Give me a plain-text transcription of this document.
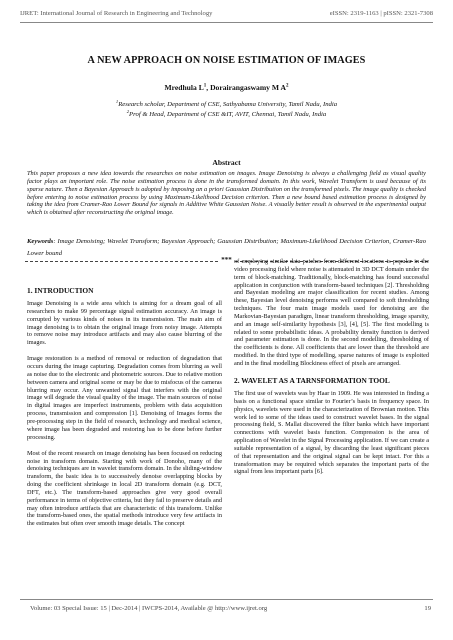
IJRET: International Journal of Research in Engineering and Technology	eISSN: 2319-1163 | pISSN: 2321-7308
A NEW APPROACH ON NOISE ESTIMATION OF IMAGES
Mredhula $L^1$, Dorairangaswamy M $A^2$
$^1$Research scholar, Department of CSE, Sathyabama University, Tamil Nadu, India
$^2$Prof & Head, Department of CSE &IT, AVIT, Chennai, Tamil Nadu, India
Abstract
This paper proposes a new idea towards the researches on noise estimation on images. Image Denoising is always a challenging field as visual quality factor plays an important role. The noise estimation process is done in the transformed domain. In this work, Wavelet Transform is used because of its sparse nature. Then a Bayesian Approach is adopted by imposing an a priori Gaussian Distribution on the transformed pixels. The image quality is checked before entering to noise estimation process by using Maximum-Likelihood Decision criterion. Then a new bound based estimation process is designed by taking the idea from Cramer-Rao Lower Bound for signals in Additive White Gaussian Noise. A visually better result is observed in the experimental output which is obtained after reconstructing the original image.
Keywords: Image Denoising; Wavelet Transform; Bayesian Approach; Gaussian Distribution; Maximum-Likelihood Decision Criterion, Cramer-Rao Lower bound
***
1. INTRODUCTION

Image Denoising is a wide area which is aiming for a dream goal of all researchers to make 99 percentage signal estimation accuracy. An image is corrupted by various kinds of noises in its transmission. The main aim of image denoising is to obtain the original image from noisy image. Attempts to remove noise may introduce artifacts and may also cause blurring of the images.

Image restoration is a method of removal or reduction of degradation that occurs during the image capturing. Degradation comes from blurring as well as noise due to the electronic and photometric sources. Due to relative motion between camera and original scene or may be due to misfocus of the cameras blurring may occur. Any unwanted signal that interfers with the original image will degrade the visual quality of the image. The main sources of noise in digital images are imperfect instruments, problem with data acquisition process, transmission and compression [1]. Denoising of Images forms the pre-processing step in the field of research, technology and medical science, where image has been degraded and restoring has to be done before further processing.

Most of the recent research on image denoising has been focused on reducing noise in transform domain. Starting with work of Donoho, many of the denoising techniques are in wavelet transform domain. In the sliding-window transform, the basic idea is to successively denoise overlapping blocks by doing the coefficient shrinkage in local 2D transform domain (e.g. DCT, DFT, etc.). The transform-based approaches give very good overall performance in terms of objective criteria, but they fail to preserve details and may often introduce artifacts that are characteristic of this transform. Unlike the transform-based ones, the spatial methods introduce very few artifacts in the estimates but often over smooth image details. The concept

of employing similar data patches from different locations is popular in the video processing field where noise is attenuated in 3D DCT domain under the term of block-matching. Traditionally, block-matching has found successful application in conjunction with transform-based techniques [2]. Thresholding and Bayesian modeling are major classification for recent studies. Among these, Bayesian level denoising performs well compared to soft thresholding techniques. The four main image models used for denoising are the Markovian-Bayesian paradigm, linear transform thresholding, image sparsity, and an image self-similarity hypothesis [3], [4], [5]. The first modelling is related to some probabilistic ideas. A probability density function is derived and parameter estimation is done. In the second modelling, thresholding of the coefficients is done. All coefficients that are lower than the threshold are modified. In the third type of modelling, sparse natures of image is exploited and in the final modelling Blockiness effect of pixels are arranged.

2. WAVELET AS A TARNSFORMATION TOOL

The first use of wavelets was by Haar in 1909. He was interested in finding a basis on a functional space similar to Fourier’s basis in frequency space. In physics, wavelets were used in the characterization of Brownian motion. This work led to some of the ideas used to construct wavelet bases. In the signal processing field, S. Mallat discovered the filter banks which have important connections with wavelet basis function. Compression is the area of application of Wavelet in the Signal Processing application. If we can create a suitable representation of a signal, by discarding the least significant pieces of that representation and the original signal can be kept intact. For this a transformation may be required which separates the important parts of the signal from less important parts [6].

Volume: 03 Special Issue: 15 | Dec-2014 | IWCPS-2014, Available @ http://www.ijret.org	19
